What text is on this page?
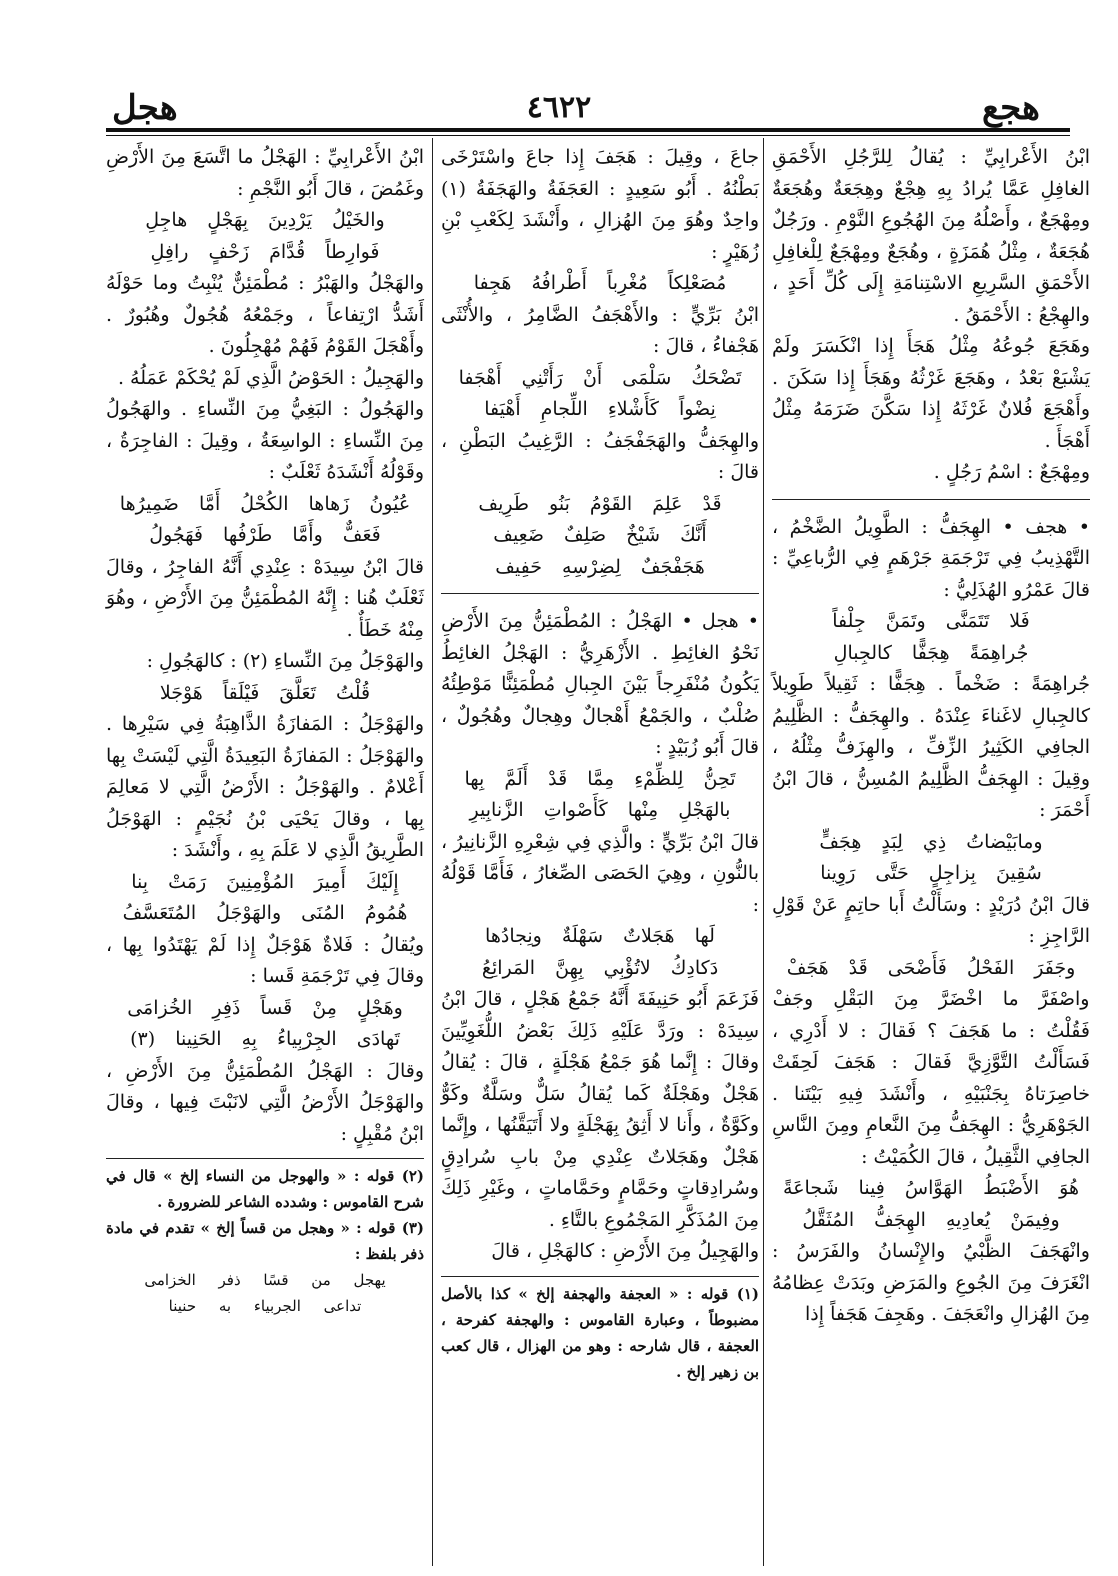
هجع
٤٦٢٢
هجل

ابْنُ الأَعْرابِيِّ : يُقالُ لِلرَّجُلِ الأَحْمَقِ الغافِلِ عَمَّا يُرادُ بِهِ هِجْعٌ وهِجَعَةٌ وهُجَعَةٌ ومِهْجَعٌ ، وأَصْلُهُ مِنَ الهُجُوعِ النَّوْمِ . ورَجُلٌ هُجَعَةٌ ، مِثْلُ هُمَزَةٍ ، وهُجَعٌ ومِهْجَعٌ لِلْغافِلِ الأَحْمَقِ السَّرِيعِ الاسْتِنامَةِ إِلَى كُلِّ أَحَدٍ ، والهِجْعُ : الأَحْمَقُ .

وهَجَعَ جُوعُهُ مِثْلُ هَجَأَ إِذا انْكَسَرَ ولَمْ يَشْبَعْ بَعْدُ ، وهَجَعَ غَرْثُهُ وهَجَأَ إِذا سَكَنَ . وأَهْجَعَ فُلانٌ غَرْثَهُ إِذا سَكَّنَ ضَرَمَهُ مِثْلُ أَهْجَأَ .

ومِهْجَعٌ : اسْمُ رَجُلٍ .

• هجف • الهِجَفُّ : الطَّوِيلُ الضَّخْمُ ، التَّهْذِيبُ فِي تَرْجَمَةِ جَرْهَمٍ فِي الرُّباعِيِّ : قالَ عَمْرُو الهُذَلِيُّ :

فَلا تَتَمَنَّى وتَمَنَّ جِلْفاً

جُراهِمَةً هِجَفًّا كالجِبالِ

جُراهِمَةً : ضَخْماً . هِجَفًّا : ثَقِيلاً طَوِيلاً كالجِبالِ لاغَناءَ عِنْدَهُ . والهِجَفُّ : الظَّلِيمُ الجافِي الكَثِيرُ الزِّفِّ ، والهِزَفُّ مِثْلُهُ ، وقِيلَ : الهِجَفُّ الظَّلِيمُ المُسِنُّ ، قالَ ابْنُ أَحْمَرَ :

ومابَيْضاتُ ذِي لِبَدٍ هِجَفٍّ

سُقِينَ بِزاجِلٍ حَتَّى رَوِينا

قالَ ابْنُ دُرَيْدٍ : وسَأَلْتُ أَبا حاتِمٍ عَنْ قَوْلِ الرَّاجِزِ :

وجَفَرَ الفَحْلُ فَأَضْحَى قَدْ هَجَفْ

واصْفَرَّ ما اخْضَرَّ مِنَ البَقْلِ وجَفْ

فَقُلْتُ : ما هَجَفَ ؟ فَقالَ : لا أَدْرِي ، فَسَأَلْتُ التَّوَّزِيَّ فَقالَ : هَجَفَ لَحِقَتْ خاصِرَتاهُ بِجَنْبَيْهِ ، وأَنْشَدَ فِيهِ بَيْتَنا . الجَوْهَرِيُّ : الهِجَفُّ مِنَ النَّعامِ ومِنَ النَّاسِ الجافِي الثَّقِيلُ ، قالَ الكُمَيْتُ :

هُوَ الأَضْبَطُ الهَوَّاسُ فِينا شَجاعَةً

وفِيمَنْ يُعادِيهِ الهِجَفُّ المُثَقَّلُ

وانْهَجَفَ الظَّبْيُ والإِنْسانُ والفَرَسُ : انْغَرَفَ مِنَ الجُوعِ والمَرَضِ وبَدَتْ عِظامُهُ مِنَ الهُزالِ وانْعَجَفَ . وهَجِفَ هَجَفاً إِذا

جاعَ ، وقِيلَ : هَجَفَ إِذا جاعَ واسْتَرْخَى بَطْنُهُ . أَبُو سَعِيدٍ : العَجَفَةُ والهَجَفَةُ (١) واحِدٌ وهُوَ مِنَ الهُزالِ ، وأَنْشَدَ لِكَعْبِ بْنِ زُهَيْرٍ :

مُصَعْلِكاً مُغْرِباً أَطْرافُهُ هَجِفا

ابْنُ بَرِّيٍّ : والأَهْجَفُ الضَّامِرُ ، والأُنْثَى هَجْفاءُ ، قالَ :

تَضْحَكُ سَلْمَى أَنْ رَأَتْنِي أَهْجَفا

نِضْواً كَأَشْلاءِ اللِّجامِ أَهْيَفا

والهِجَفُّ والهَجَفْجَفُ : الرَّغِيبُ البَطْنِ ، قالَ :

قَدْ عَلِمَ القَوْمُ بَنُو طَرِيف

أَنَّكَ شَيْخٌ صَلِفٌ ضَعِيف

هَجَفْجَفٌ لِضِرْسِهِ حَفِيف

• هجل • الهَجْلُ : المُطْمَئِنُّ مِنَ الأَرْضِ نَحْوُ الغائِطِ . الأَزْهَرِيُّ : الهَجْلُ الغائِطُ يَكُونُ مُنْفَرِجاً بَيْنَ الجِبالِ مُطْمَئِنًّا مَوْطِئُهُ صُلْبٌ ، والجَمْعُ أَهْجالٌ وهِجالٌ وهُجُولٌ ، قالَ أَبُو زُبَيْدٍ :

تَحِنُّ لِلظِّمْءِ مِمَّا قَدْ أَلَمَّ بِها

بالهَجْلِ مِنْها كَأَصْواتِ الزَّنابِيرِ

قالَ ابْنُ بَرِّيٍّ : والَّذِي فِي شِعْرِهِ الزَّنانِيرُ ، بالنُّونِ ، وهِيَ الحَصَى الصِّغارُ ، فَأَمَّا قَوْلُهُ :

لَها هَجَلاتٌ سَهْلَةٌ ونِجادُها

دَكادِكُ لاتُؤْبِي بِهِنَّ المَرائِعُ

فَزَعَمَ أَبُو حَنِيفَةَ أَنَّهُ جَمْعُ هَجْلٍ ، قالَ ابْنُ سِيدَهْ : ورَدَّ عَلَيْهِ ذَلِكَ بَعْضُ اللُّغَوِيِّينَ وقالَ : إِنَّما هُوَ جَمْعُ هَجْلَةٍ ، قالَ : يُقالُ هَجْلٌ وهَجْلَةٌ كَما يُقالُ سَلٌّ وسَلَّةٌ وكَوٌّ وكَوَّةٌ ، وأَنا لا أَثِقُ بِهَجْلَةٍ ولا أَتَيَقَّنُها ، وإِنَّما هَجْلٌ وهَجَلاتٌ عِنْدِي مِنْ بابِ سُرادِقٍ وسُرادِقاتٍ وحَمَّامٍ وحَمَّاماتٍ ، وغَيْرِ ذَلِكَ مِنَ المُذَكَّرِ المَجْمُوعِ بالتَّاءِ .

والهَجِيلُ مِنَ الأَرْضِ : كالهَجْلِ ، قالَ

(١) قوله : « العجفة والهجفة إلخ » كذا بالأصل مضبوطاً ، وعبارة القاموس : والهجفة كفرحة ، العجفة ، قال شارحه : وهو من الهزال ، قال كعب بن زهير إلخ .

ابْنُ الأَعْرابِيِّ : الهَجْلُ ما اتَّسَعَ مِنَ الأَرْضِ وغَمُضَ ، قالَ أَبُو النَّجْمِ :

والخَيْلُ يَرْدِينَ بِهَجْلٍ هاجِلِ

فَوارِطاً قُدَّامَ زَحْفٍ رافِلِ

والهَجْلُ والهَبْرُ : مُطْمَئِنٌّ يُنْبِتُ وما حَوْلَهُ أَشَدُّ ارْتِفاعاً ، وجَمْعُهُ هُجُولٌ وهُبُورٌ . وأَهْجَلَ القَوْمُ فَهُمْ مُهْجِلُونَ .

والهَجِيلُ : الحَوْضُ الَّذِي لَمْ يُحْكَمْ عَمَلُهُ .

والهَجُولُ : البَغِيُّ مِنَ النِّساءِ . والهَجُولُ مِنَ النِّساءِ : الواسِعَةُ ، وقِيلَ : الفاجِرَةُ ، وقَوْلُهُ أَنْشَدَهُ ثَعْلَبٌ :

عُيُونُ زَهاها الكُحْلُ أَمَّا ضَمِيرُها

فَعَفٌّ وأَمَّا طَرْفُها فَهَجُولُ

قالَ ابْنُ سِيدَهْ : عِنْدِي أَنَّهُ الفاجِرُ ، وقالَ ثَعْلَبٌ هُنا : إِنَّهُ المُطْمَئِنُّ مِنَ الأَرْضِ ، وهُوَ مِنْهُ خَطَأٌ .

والهَوْجَلُ مِنَ النِّساءِ (٢) : كالهَجُولِ :

قُلْتُ تَعَلَّقَ فَيْلَقاً هَوْجَلا

والهَوْجَلُ : المَفازَةُ الذَّاهِبَةُ فِي سَيْرِها . والهَوْجَلُ : المَفازَةُ البَعِيدَةُ الَّتِي لَيْسَتْ بِها أَعْلامٌ . والهَوْجَلُ : الأَرْضُ الَّتِي لا مَعالِمَ بِها ، وقالَ يَحْيَى بْنُ نُجَيْمٍ : الهَوْجَلُ الطَّرِيقُ الَّذِي لا عَلَمَ بِهِ ، وأَنْشَدَ :

إِلَيْكَ أَمِيرَ المُؤْمِنِينَ رَمَتْ بِنا

هُمُومُ المُنَى والهَوْجَلُ المُتَعَسَّفُ

ويُقالُ : فَلاةٌ هَوْجَلٌ إِذا لَمْ يَهْتَدُوا بِها ، وقالَ فِي تَرْجَمَةِ قَسا :

وهَجْلٍ مِنْ قَساً ذَفِرِ الخُزامَى

تَهادَى الجِرْبِياءُ بِهِ الحَنِينا (٣)

وقالَ : الهَجْلُ المُطْمَئِنُّ مِنَ الأَرْضِ ، والهَوْجَلُ الأَرْضُ الَّتِي لانَبْتَ فِيها ، وقالَ ابْنُ مُقْبِلٍ :

(٢) قوله : « والهوجل من النساء إلخ » قال في شرح القاموس : وشدده الشاعر للضرورة .

(٣) قوله : « وهجل من قساً إلخ » تقدم في مادة ذفر بلفظ :

يهجل من قسًا ذفر الخزامى

تداعى الجربياء به حنينا
